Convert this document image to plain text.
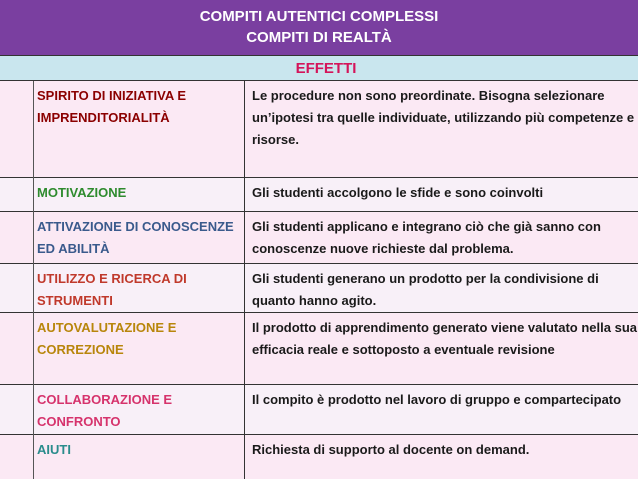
COMPITI AUTENTICI COMPLESSI
COMPITI DI REALTÀ
EFFETTI
SPIRITO DI INIZIATIVA E IMPRENDITORIALITÀ
Le procedure non sono preordinate. Bisogna selezionare un’ipotesi tra quelle individuate, utilizzando più competenze e risorse.
MOTIVAZIONE	Gli studenti accolgono le sfide e sono coinvolti
ATTIVAZIONE DI CONOSCENZE ED ABILITÀ
Gli studenti applicano e integrano ciò che già sanno con conoscenze nuove richieste dal problema.
UTILIZZO E RICERCA DI STRUMENTI
Gli studenti generano un prodotto per la condivisione di quanto hanno agito.
AUTOVALUTAZIONE E CORREZIONE
Il prodotto di apprendimento generato viene valutato nella sua efficacia reale e sottoposto a eventuale revisione
COLLABORAZIONE E CONFRONTO
Il compito è prodotto nel lavoro di gruppo e compartecipato
AIUTI	Richiesta di supporto al docente on demand.
